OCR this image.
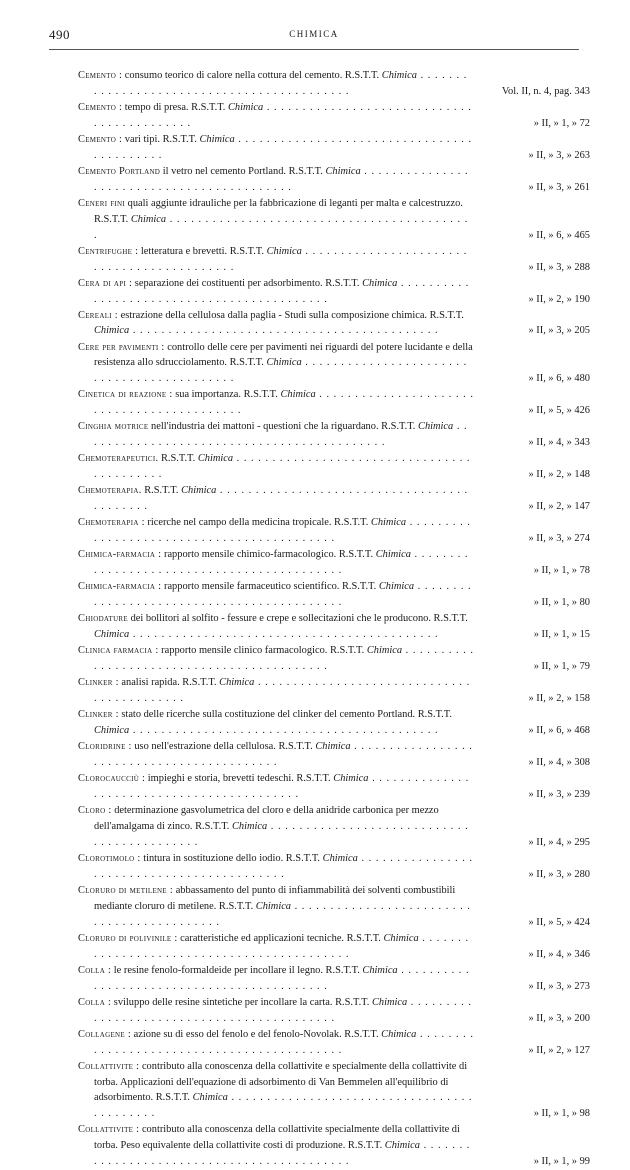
490	CHIMICA
Cemento : consumo teorico di calore nella cottura del cemento. R.S.T.T. Chimica . . .
Vol. II, n. 4, pag. 343
Cemento : tempo di presa. R.S.T.T. Chimica . . .
» II, » 1, » 72
Cemento : vari tipi. R.S.T.T. Chimica . . .
» II, » 3, » 263
Cemento Portland il vetro nel cemento Portland. R.S.T.T. Chimica . . .
» II, » 3, » 261
Ceneri fini quali aggiunte idrauliche per la fabbricazione di leganti per malta e calcestruzzo. R.S.T.T. Chimica . . .
» II, » 6, » 465
Centrifughe : letteratura e brevetti. R.S.T.T. Chimica . . .
» II, » 3, » 288
Cera di api : separazione dei costituenti per adsorbimento. R.S.T.T. Chimica . . .
» II, » 2, » 190
Cereali : estrazione della cellulosa dalla paglia - Studi sulla composizione chimica. R.S.T.T. Chimica . . .	» II, » 3, » 205
Cere per pavimenti : controllo delle cere per pavimenti nei riguardi del potere lucidante e della resistenza allo sdrucciolamento. R.S.T.T. Chimica . . .
» II, » 6, » 480
Cinetica di reazione : sua importanza. R.S.T.T. Chimica . . .
» II, » 5, » 426
Cinghia motrice nell'industria dei mattoni - questioni che la riguardano. R.S.T.T. Chimica . . .
» II, » 4, » 343
Chemoterapeutici. R.S.T.T. Chimica . . .
» II, » 2, » 148
Chemoterapia. R.S.T.T. Chimica . . .
» II, » 2, » 147
Chemoterapia : ricerche nel campo della medicina tropicale. R.S.T.T. Chimica . . .
» II, » 3, » 274
Chimica-farmacia : rapporto mensile chimico-farmacologico. R.S.T.T. Chimica . . .
» II, » 1, » 78
Chimica-farmacia : rapporto mensile farmaceutico scientifico. R.S.T.T. Chimica . . .
» II, » 1, » 80
Chiodature dei bollitori al solfito - fessure e crepe e sollecitazioni che le producono. R.S.T.T. Chimica . . .	» II, » 1, » 15
Clinica farmacia : rapporto mensile clinico farmacologico. R.S.T.T. Chimica . . .
» II, » 1, » 79
Clinker : analisi rapida. R.S.T.T. Chimica . . .
» II, » 2, » 158
Clinker : stato delle ricerche sulla costituzione del clinker del cemento Portland. R.S.T.T. Chimica . . .	» II, » 6, » 468
Cloridrine : uso nell'estrazione della cellulosa. R.S.T.T. Chimica . . .
» II, » 4, » 308
Clorocaucciù : impieghi e storia, brevetti tedeschi. R.S.T.T. Chimica . . .
» II, » 3, » 239
Cloro : determinazione gasvolumetrica del cloro e della anidride carbonica per mezzo dell'amalgama di zinco. R.S.T.T. Chimica . . .
» II, » 4, » 295
Clorotimolo : tintura in sostituzione dello iodio. R.S.T.T. Chimica . . .
» II, » 3, » 280
Cloruro di metilene : abbassamento del punto di infiammabilità dei solventi combustibili mediante cloruro di metilene. R.S.T.T. Chimica . . .
» II, » 5, » 424
Cloruro di polivinile : caratteristiche ed applicazioni tecniche. R.S.T.T. Chimica . . .
» II, » 4, » 346
Colla : le resine fenolo-formaldeide per incollare il legno. R.S.T.T. Chimica . . .
» II, » 3, » 273
Colla : sviluppo delle resine sintetiche per incollare la carta. R.S.T.T. Chimica . . .
» II, » 3, » 200
Collagene : azione su di esso del fenolo e del fenolo-Novolak. R.S.T.T. Chimica . . .
» II, » 2, » 127
Collattivite : contributo alla conoscenza della collattivite e specialmente della collattivite di torba. Applicazioni dell'equazione di adsorbimento di Van Bemmelen all'equilibrio di adsorbimento. R.S.T.T. Chimica . . .
» II, » 1, » 98
Collattivite : contributo alla conoscenza della collattivite specialmente della collattivite di torba. Peso equivalente della collattivite costi di produzione. R.S.T.T. Chimica . . .
» II, » 1, » 99
